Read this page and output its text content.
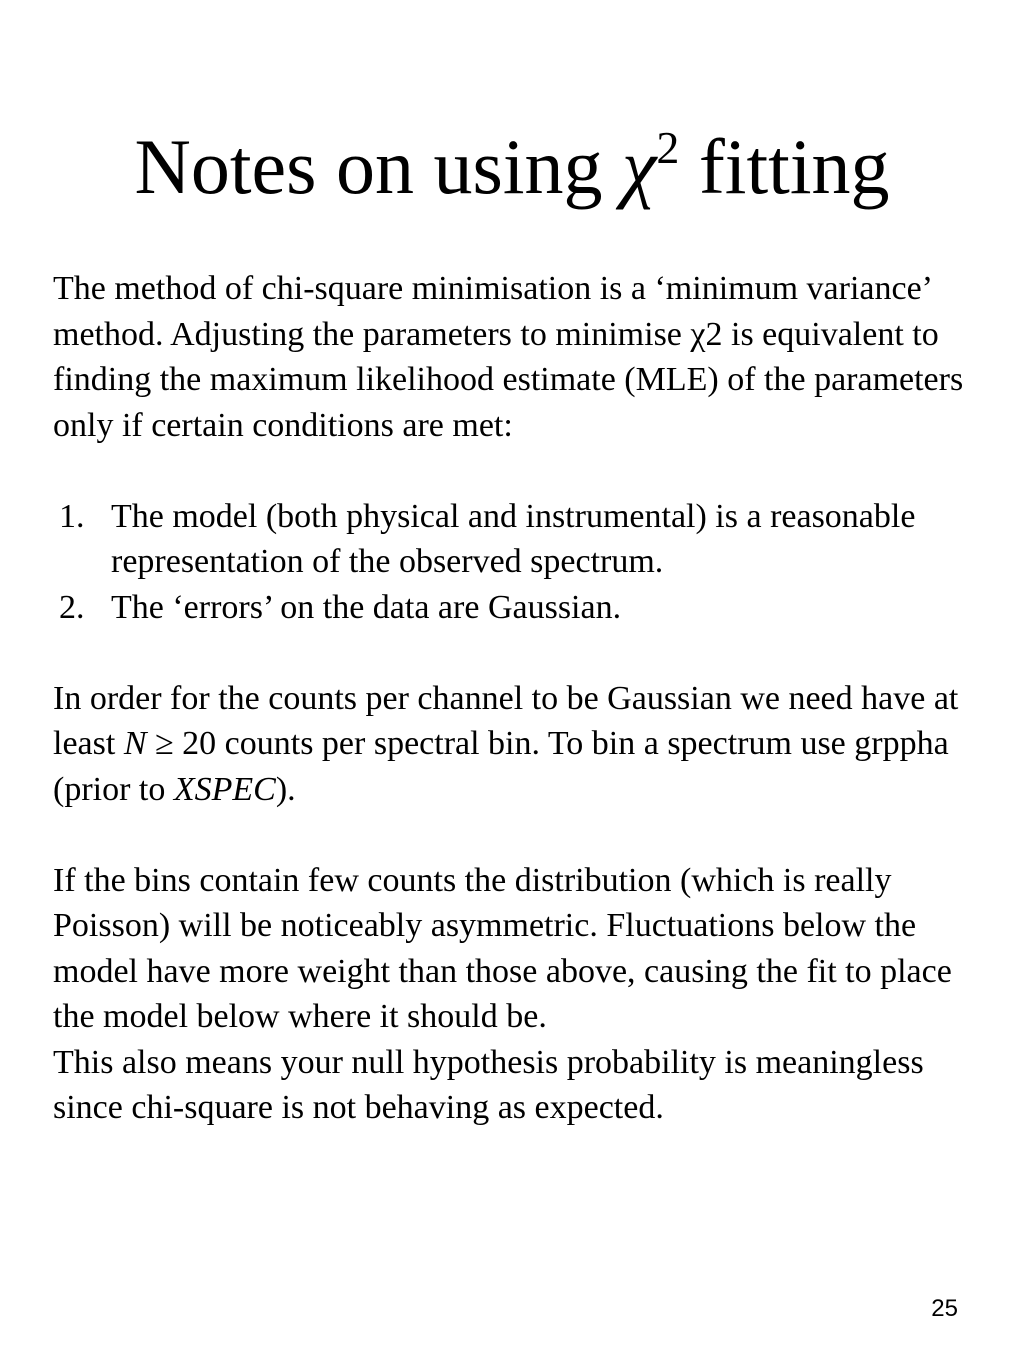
Notes on using $\chi^2$ fitting

The method of chi-square minimisation is a ‘minimum variance’ method. Adjusting the parameters to minimise χ2 is equivalent to finding the maximum likelihood estimate (MLE) of the parameters only if certain conditions are met:

1. The model (both physical and instrumental) is a reasonable representation of the observed spectrum.
2. The ‘errors’ on the data are Gaussian.

In order for the counts per channel to be Gaussian we need have at least N ≥ 20 counts per spectral bin. To bin a spectrum use grppha (prior to XSPEC).

If the bins contain few counts the distribution (which is really Poisson) will be noticeably asymmetric. Fluctuations below the model have more weight than those above, causing the fit to place the model below where it should be.

This also means your null hypothesis probability is meaningless since chi-square is not behaving as expected.

25
